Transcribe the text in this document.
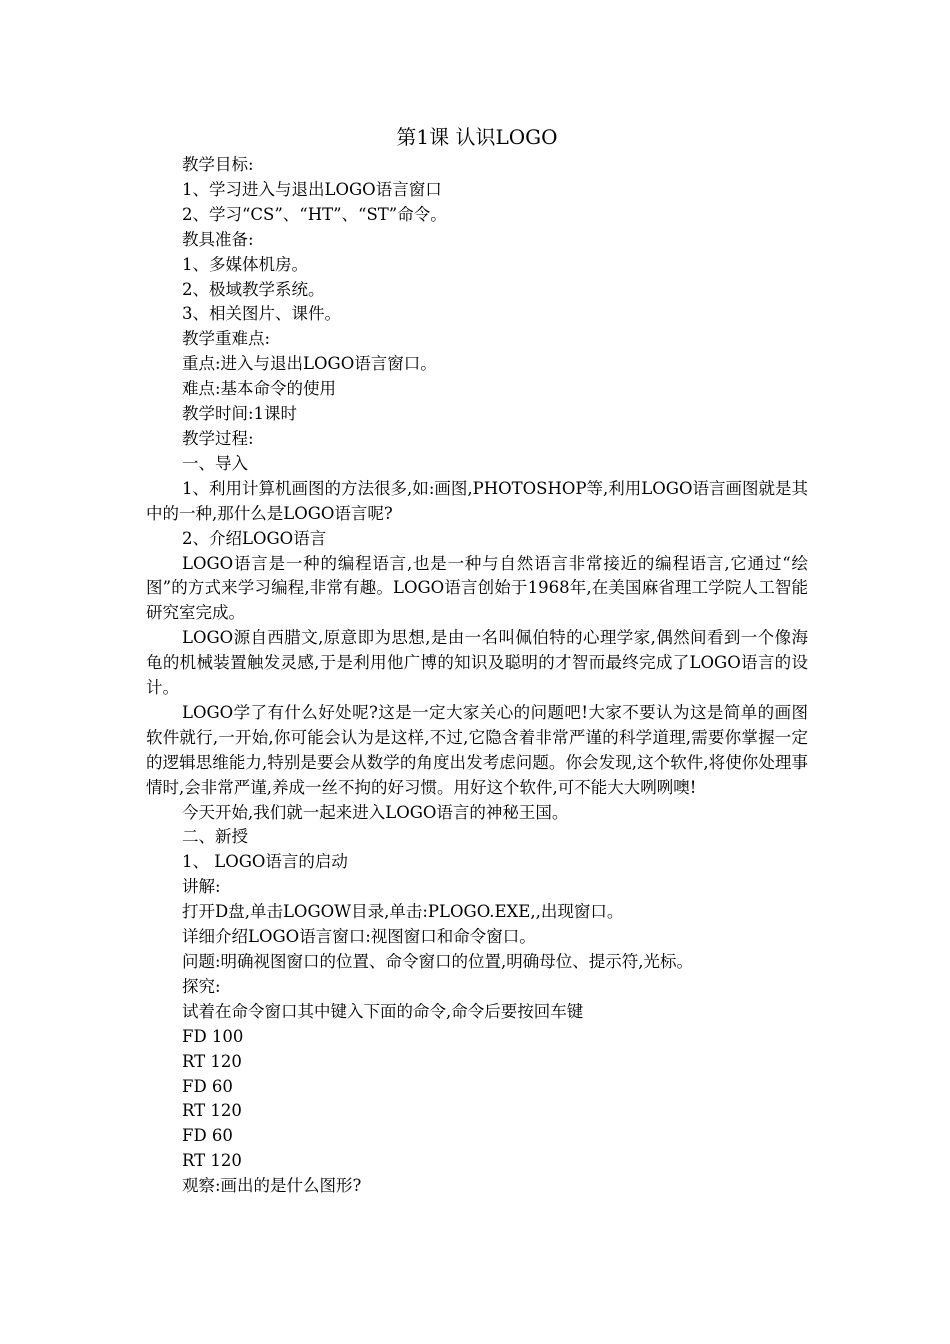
第1课 认识LOGO
教学目标:
1、学习进入与退出LOGO语言窗口
2、学习“CS”、“HT”、“ST”命令。
教具准备:
1、多媒体机房。
2、极域教学系统。
3、相关图片、课件。
教学重难点:
重点:进入与退出LOGO语言窗口。
难点:基本命令的使用
教学时间:1课时
教学过程:
一、导入
1、利用计算机画图的方法很多,如:画图,PHOTOSHOP等,利用LOGO语言画图就是其中的一种,那什么是LOGO语言呢?
2、介绍LOGO语言
LOGO语言是一种的编程语言,也是一种与自然语言非常接近的编程语言,它通过“绘图”的方式来学习编程,非常有趣。LOGO语言创始于1968年,在美国麻省理工学院人工智能研究室完成。
LOGO源自西腊文,原意即为思想,是由一名叫佩伯特的心理学家,偶然间看到一个像海龟的机械装置触发灵感,于是利用他广博的知识及聪明的才智而最终完成了LOGO语言的设计。
LOGO学了有什么好处呢?这是一定大家关心的问题吧!大家不要认为这是简单的画图软件就行,一开始,你可能会认为是这样,不过,它隐含着非常严谨的科学道理,需要你掌握一定的逻辑思维能力,特别是要会从数学的角度出发考虑问题。你会发现,这个软件,将使你处理事情时,会非常严谨,养成一丝不拘的好习惯。用好这个软件,可不能大大咧咧噢!
今天开始,我们就一起来进入LOGO语言的神秘王国。
二、新授
1、 LOGO语言的启动
讲解:
打开D盘,单击LOGOW目录,单击:PLOGO.EXE,,出现窗口。
详细介绍LOGO语言窗口:视图窗口和命令窗口。
问题:明确视图窗口的位置、命令窗口的位置,明确母位、提示符,光标。
探究:
试着在命令窗口其中键入下面的命令,命令后要按回车键
FD 100
RT 120
FD 60
RT 120
FD 60
RT 120
观察:画出的是什么图形?
